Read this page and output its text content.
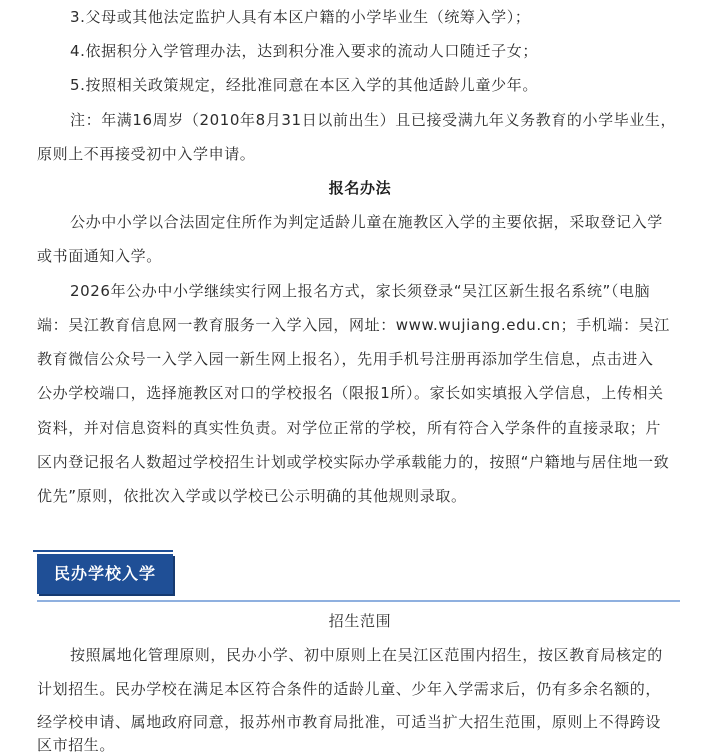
3.父母或其他法定监护人具有本区户籍的小学毕业生（统筹入学）；
4.依据积分入学管理办法，达到积分准入要求的流动人口随迁子女；
5.按照相关政策规定，经批准同意在本区入学的其他适龄儿童少年。
注：年满16周岁（2010年8月31日以前出生）且已接受满九年义务教育的小学毕业生，
原则上不再接受初中入学申请。
报名办法
公办中小学以合法固定住所作为判定适龄儿童在施教区入学的主要依据，采取登记入学
或书面通知入学。
2026年公办中小学继续实行网上报名方式，家长须登录“吴江区新生报名系统”（电脑
端：吴江教育信息网一教育服务一入学入园，网址：www.wujiang.edu.cn；手机端：吴江
教育微信公众号一入学入园一新生网上报名），先用手机号注册再添加学生信息，点击进入
公办学校端口，选择施教区对口的学校报名（限报1所）。家长如实填报入学信息，上传相关
资料，并对信息资料的真实性负责。对学位正常的学校，所有符合入学条件的直接录取；片
区内登记报名人数超过学校招生计划或学校实际办学承载能力的，按照“户籍地与居住地一致
优先”原则，依批次入学或以学校已公示明确的其他规则录取。
民办学校入学
招生范围
按照属地化管理原则，民办小学、初中原则上在吴江区范围内招生，按区教育局核定的
计划招生。民办学校在满足本区符合条件的适龄儿童、少年入学需求后，仍有多余名额的，
经学校申请、属地政府同意，报苏州市教育局批准，可适当扩大招生范围，原则上不得跨设
区市招生。
